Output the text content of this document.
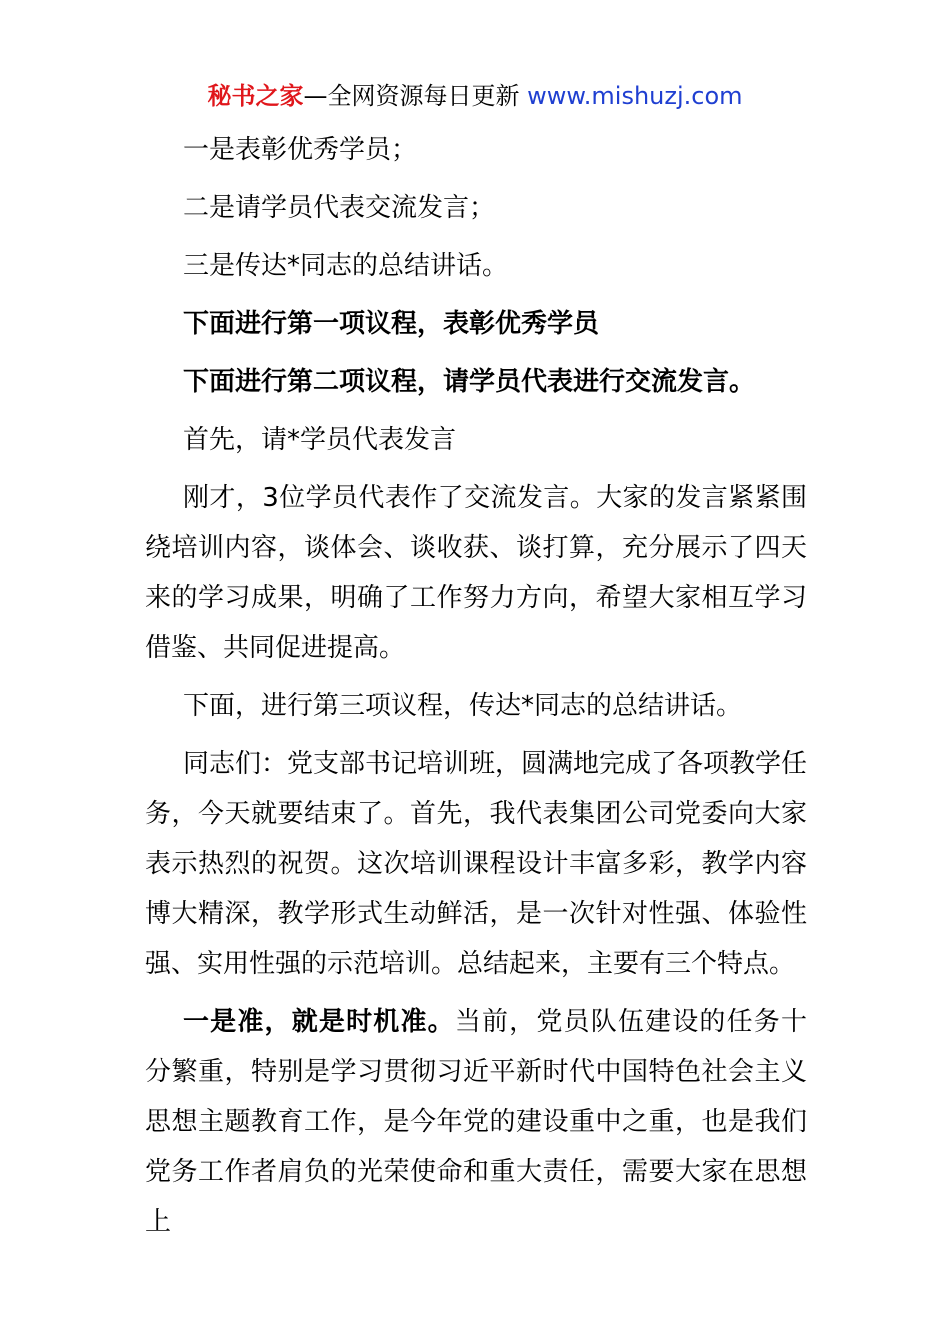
秘书之家—全网资源每日更新 www.mishuzj.com

一是表彰优秀学员；

二是请学员代表交流发言；

三是传达*同志的总结讲话。

下面进行第一项议程，表彰优秀学员

下面进行第二项议程，请学员代表进行交流发言。

首先，请*学员代表发言

刚才，3位学员代表作了交流发言。大家的发言紧紧围绕培训内容，谈体会、谈收获、谈打算，充分展示了四天来的学习成果，明确了工作努力方向，希望大家相互学习借鉴、共同促进提高。

下面，进行第三项议程，传达*同志的总结讲话。

同志们：党支部书记培训班，圆满地完成了各项教学任务，今天就要结束了。首先，我代表集团公司党委向大家表示热烈的祝贺。这次培训课程设计丰富多彩，教学内容博大精深，教学形式生动鲜活，是一次针对性强、体验性强、实用性强的示范培训。总结起来，主要有三个特点。

一是准，就是时机准。当前，党员队伍建设的任务十分繁重，特别是学习贯彻习近平新时代中国特色社会主义思想主题教育工作，是今年党的建设重中之重，也是我们党务工作者肩负的光荣使命和重大责任，需要大家在思想上
